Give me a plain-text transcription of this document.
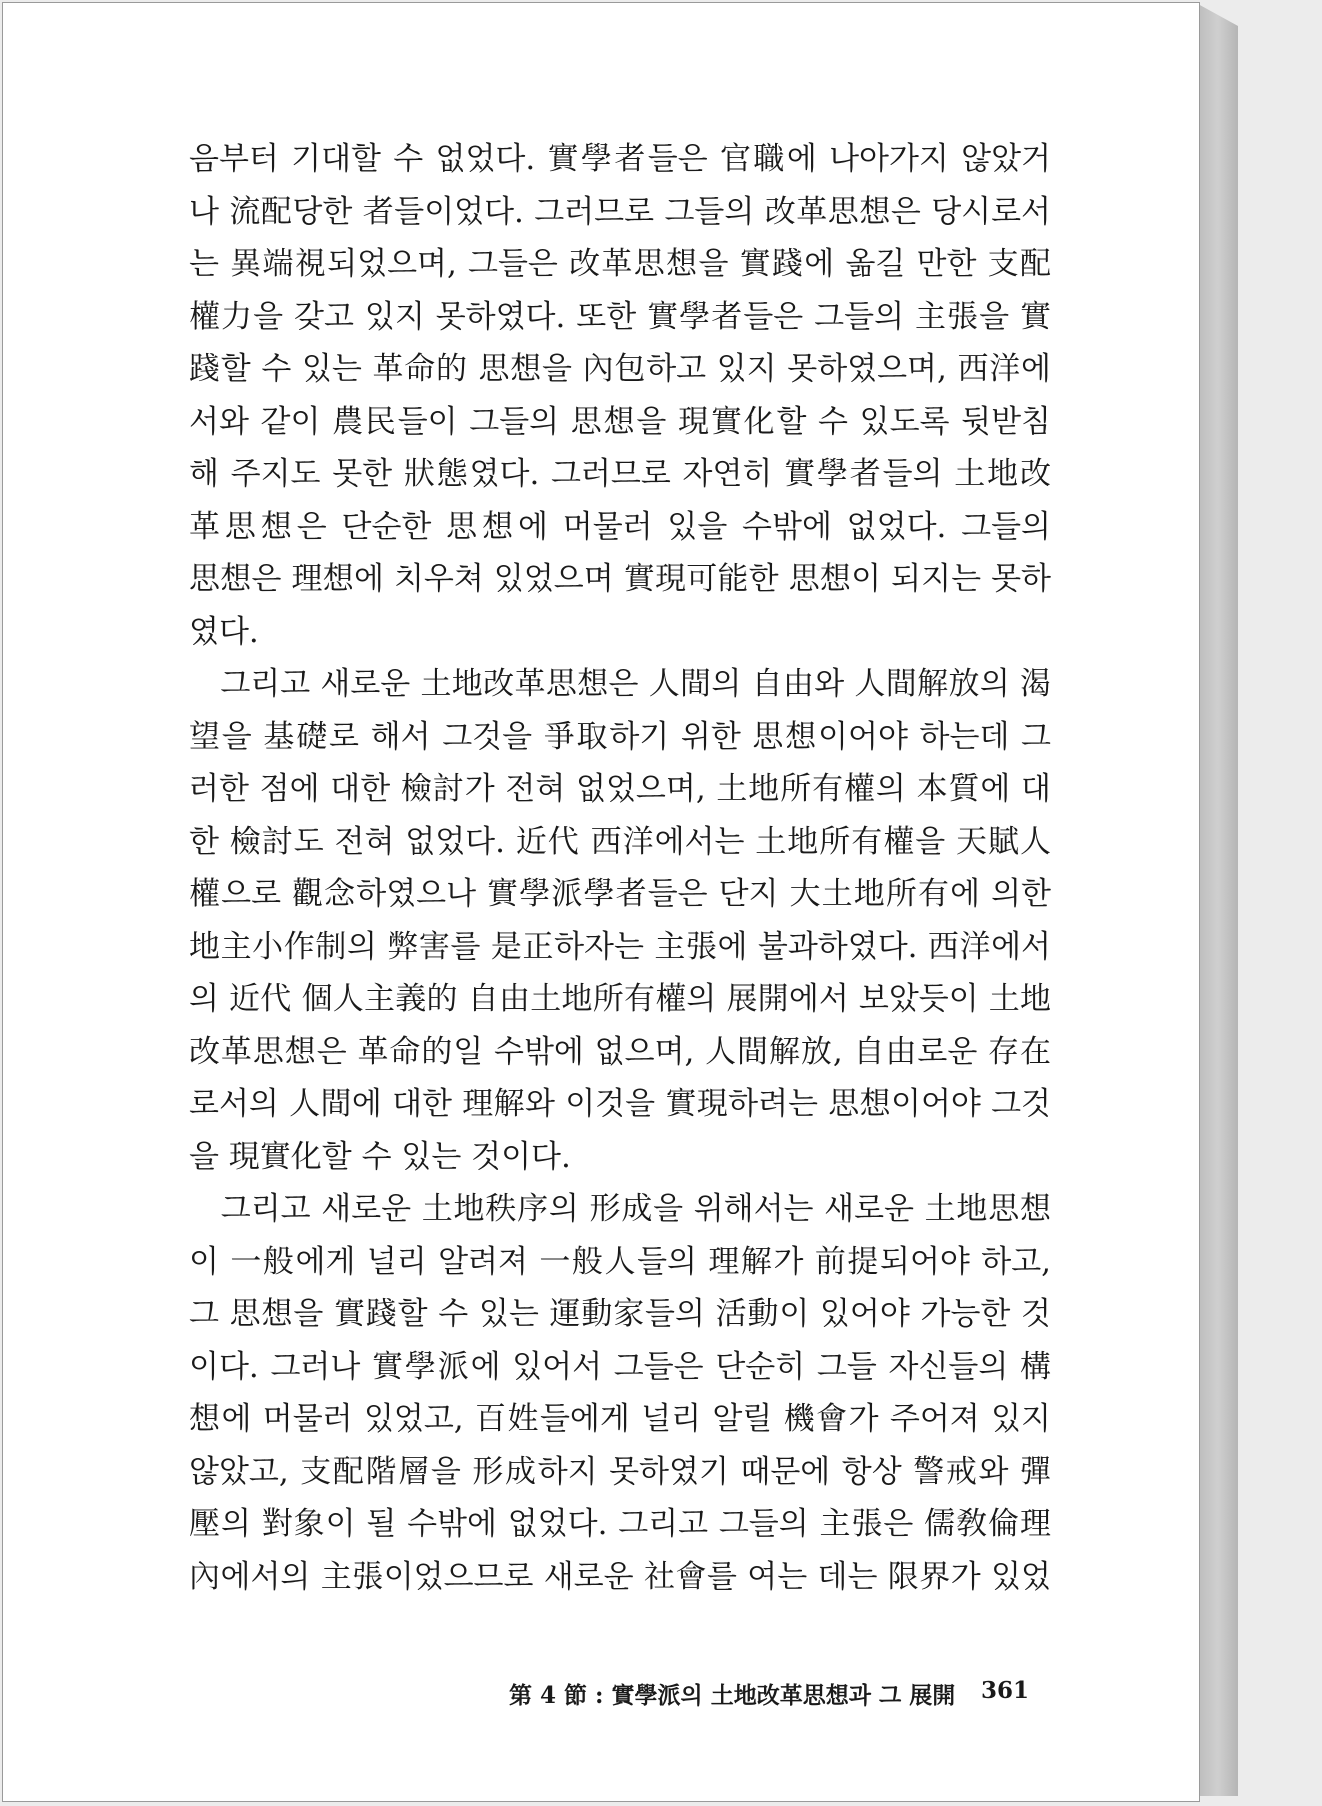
음부터 기대할 수 없었다. 實學者들은 官職에 나아가지 않았거
나 流配당한 者들이었다. 그러므로 그들의 改革思想은 당시로서
는 異端視되었으며, 그들은 改革思想을 實踐에 옮길 만한 支配
權力을 갖고 있지 못하였다. 또한 實學者들은 그들의 主張을 實
踐할 수 있는 革命的 思想을 內包하고 있지 못하였으며, 西洋에
서와 같이 農民들이 그들의 思想을 現實化할 수 있도록 뒷받침
해 주지도 못한 狀態였다. 그러므로 자연히 實學者들의 土地改
革思想은 단순한 思想에 머물러 있을 수밖에 없었다. 그들의
思想은 理想에 치우쳐 있었으며 實現可能한 思想이 되지는 못하
였다.
　그리고 새로운 土地改革思想은 人間의 自由와 人間解放의 渴
望을 基礎로 해서 그것을 爭取하기 위한 思想이어야 하는데 그
러한 점에 대한 檢討가 전혀 없었으며, 土地所有權의 本質에 대
한 檢討도 전혀 없었다. 近代 西洋에서는 土地所有權을 天賦人
權으로 觀念하였으나 實學派學者들은 단지 大土地所有에 의한
地主小作制의 弊害를 是正하자는 主張에 불과하였다. 西洋에서
의 近代 個人主義的 自由土地所有權의 展開에서 보았듯이 土地
改革思想은 革命的일 수밖에 없으며, 人間解放, 自由로운 存在
로서의 人間에 대한 理解와 이것을 實現하려는 思想이어야 그것
을 現實化할 수 있는 것이다.
　그리고 새로운 土地秩序의 形成을 위해서는 새로운 土地思想
이 一般에게 널리 알려져 一般人들의 理解가 前提되어야 하고,
그 思想을 實踐할 수 있는 運動家들의 活動이 있어야 가능한 것
이다. 그러나 實學派에 있어서 그들은 단순히 그들 자신들의 構
想에 머물러 있었고, 百姓들에게 널리 알릴 機會가 주어져 있지
않았고, 支配階層을 形成하지 못하였기 때문에 항상 警戒와 彈
壓의 對象이 될 수밖에 없었다. 그리고 그들의 主張은 儒敎倫理
內에서의 主張이었으므로 새로운 社會를 여는 데는 限界가 있었
第 4 節 : 實學派의 土地改革思想과 그 展開 361
